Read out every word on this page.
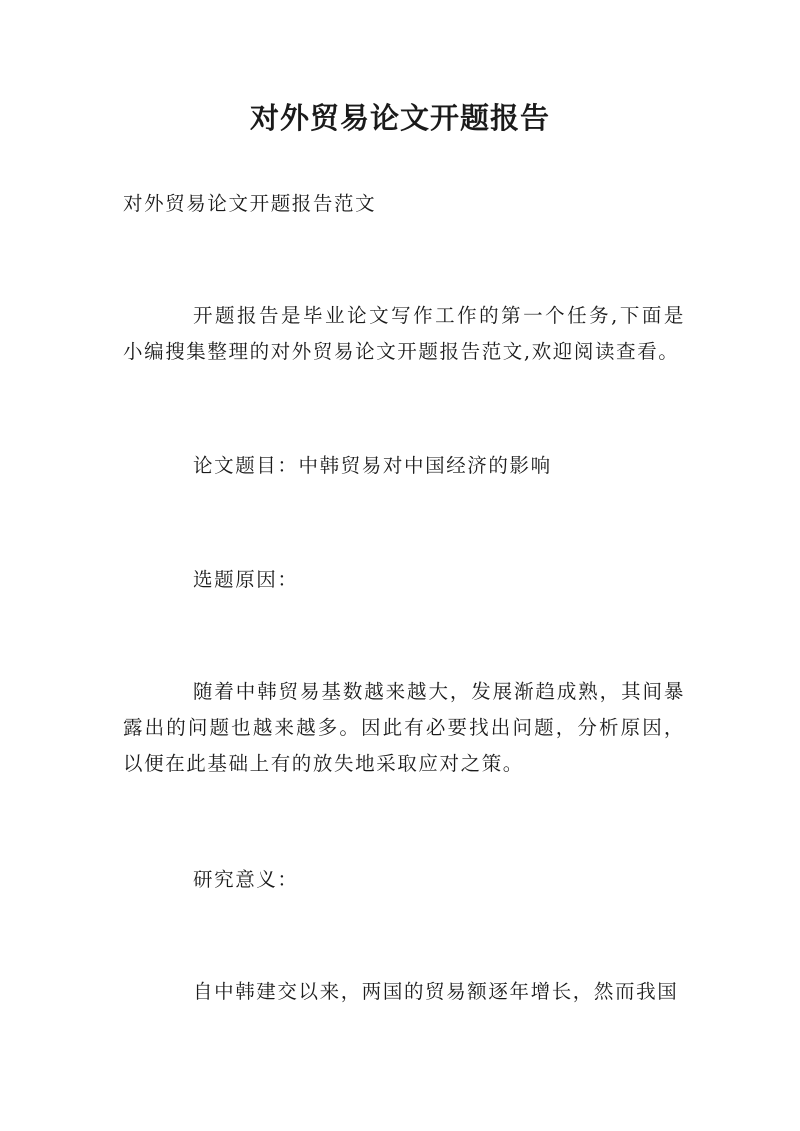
对外贸易论文开题报告

对外贸易论文开题报告范文

开题报告是毕业论文写作工作的第一个任务,下面是小编搜集整理的对外贸易论文开题报告范文,欢迎阅读查看。

论文题目：中韩贸易对中国经济的影响

选题原因：

随着中韩贸易基数越来越大，发展渐趋成熟，其间暴露出的问题也越来越多。因此有必要找出问题，分析原因，以便在此基础上有的放失地采取应对之策。

研究意义：

自中韩建交以来，两国的贸易额逐年增长，然而我国
